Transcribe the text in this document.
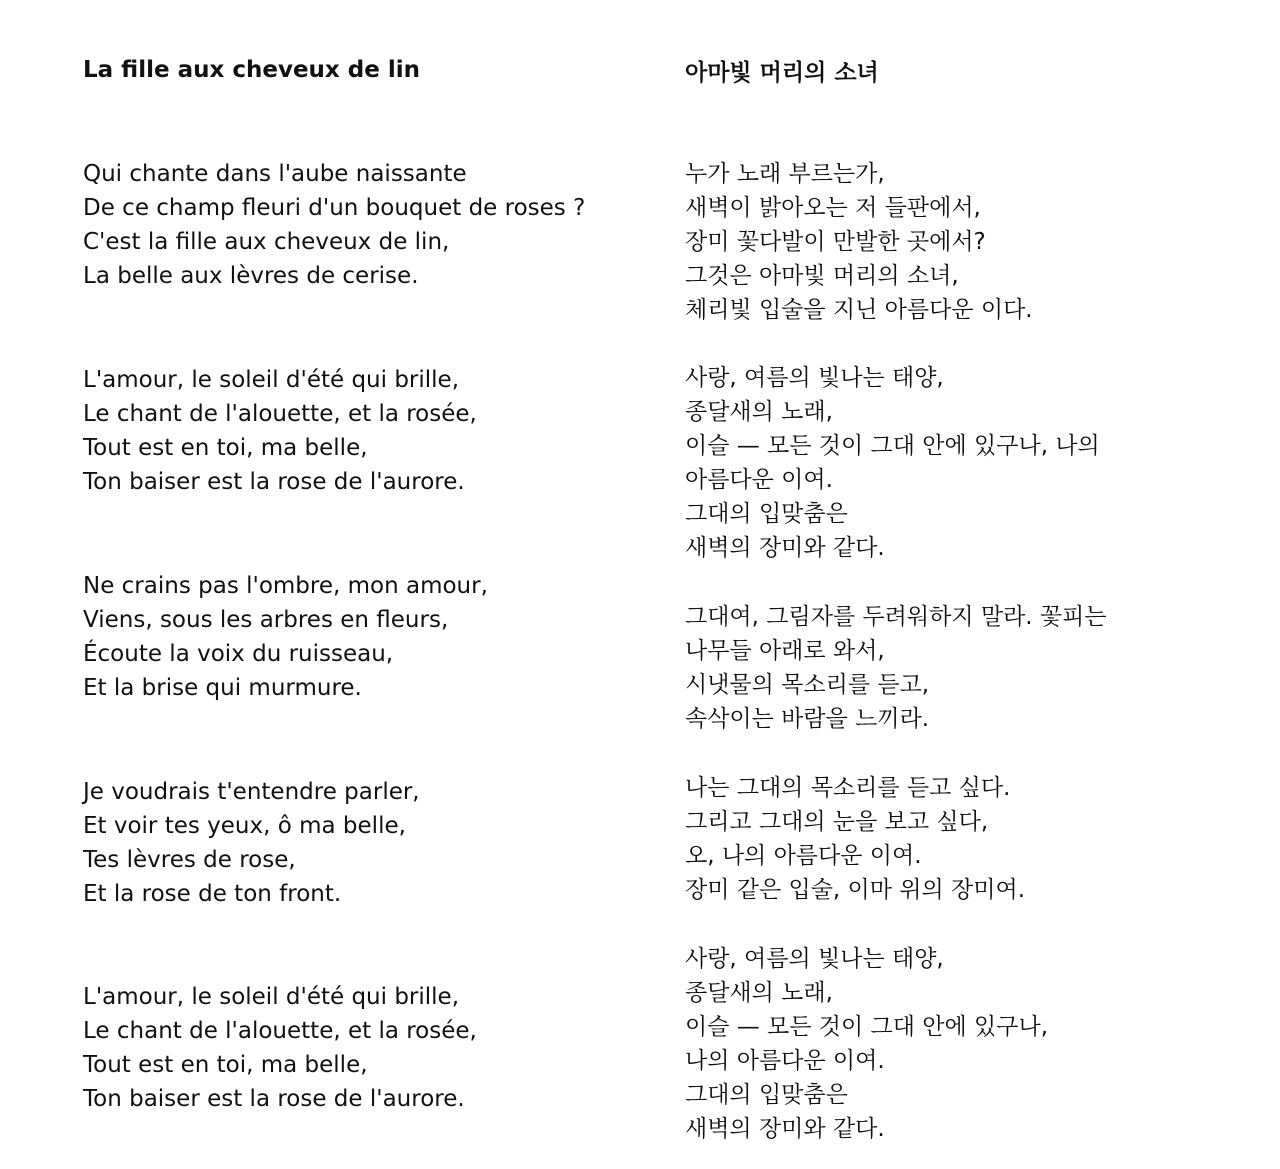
La fille aux cheveux de lin
Qui chante dans l'aube naissante
De ce champ fleuri d'un bouquet de roses ?
C'est la fille aux cheveux de lin,
La belle aux lèvres de cerise.
L'amour, le soleil d'été qui brille,
Le chant de l'alouette, et la rosée,
Tout est en toi, ma belle,
Ton baiser est la rose de l'aurore.
Ne crains pas l'ombre, mon amour,
Viens, sous les arbres en fleurs,
Écoute la voix du ruisseau,
Et la brise qui murmure.
Je voudrais t'entendre parler,
Et voir tes yeux, ô ma belle,
Tes lèvres de rose,
Et la rose de ton front.
L'amour, le soleil d'été qui brille,
Le chant de l'alouette, et la rosée,
Tout est en toi, ma belle,
Ton baiser est la rose de l'aurore.
아마빛 머리의 소녀
누가 노래 부르는가,
새벽이 밝아오는 저 들판에서,
장미 꽃다발이 만발한 곳에서?
그것은 아마빛 머리의 소녀,
체리빛 입술을 지닌 아름다운 이다.
사랑, 여름의 빛나는 태양,
종달새의 노래,
이슬 — 모든 것이 그대 안에 있구나, 나의
아름다운 이여.
그대의 입맞춤은
새벽의 장미와 같다.
그대여, 그림자를 두려워하지 말라. 꽃피는
나무들 아래로 와서,
시냇물의 목소리를 듣고,
속삭이는 바람을 느끼라.
나는 그대의 목소리를 듣고 싶다.
그리고 그대의 눈을 보고 싶다,
오, 나의 아름다운 이여.
장미 같은 입술, 이마 위의 장미여.
사랑, 여름의 빛나는 태양,
종달새의 노래,
이슬 — 모든 것이 그대 안에 있구나,
나의 아름다운 이여.
그대의 입맞춤은
새벽의 장미와 같다.
